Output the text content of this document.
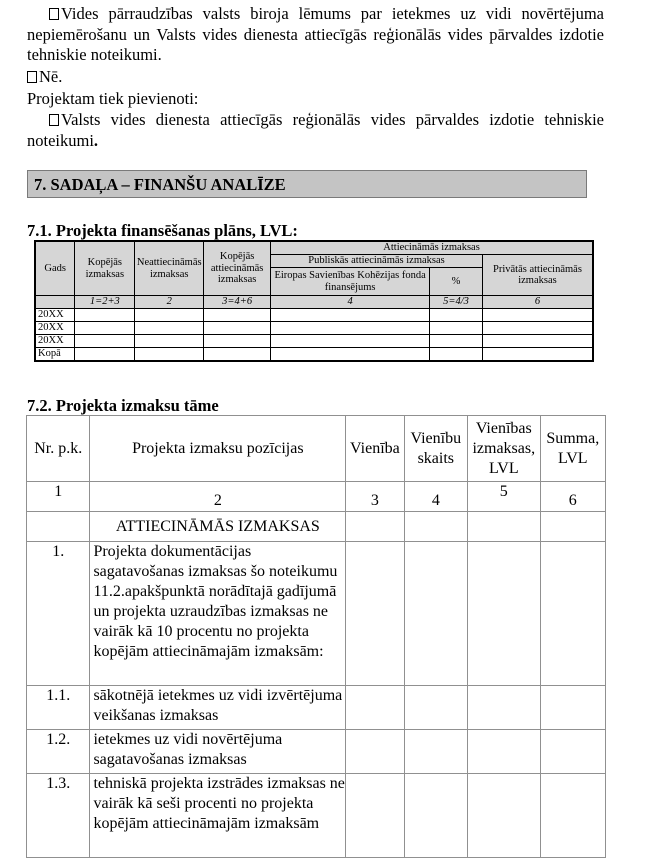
Vides pārraudzības valsts biroja lēmums par ietekmes uz vidi novērtējuma nepiemērošanu un Valsts vides dienesta attiecīgās reģionālās vides pārvaldes izdotie tehniskie noteikumi.
Nē.
Projektam tiek pievienoti:
Valsts vides dienesta attiecīgās reģionālās vides pārvaldes izdotie tehniskie noteikumi.
7. SADAĻA – FINANŠU ANALĪZE
7.1. Projekta finansēšanas plāns, LVL:
Gads	Kopējās izmaksas	Neattiecināmās izmaksas	Kopējās attiecināmās izmaksas	Attiecināmās izmaksas		
				Publiskās attiecināmās izmaksas		Privātās attiecināmās izmaksas
				Eiropas Savienības Kohēzijas fonda finansējums	%	
	1=2+3	2	3=4+6	4	5=4/3	6
20XX						
20XX						
20XX						
Kopā						
7.2. Projekta izmaksu tāme
Nr. p.k.	Projekta izmaksu pozīcijas	Vienība	Vienību skaits	Vienības izmaksas, LVL	Summa, LVL
1	2	3	4	5	6
	ATTIECINĀMĀS IZMAKSAS				
1.	Projekta dokumentācijas sagatavošanas izmaksas šo noteikumu 11.2.apakšpunktā norādītajā gadījumā un projekta uzraudzības izmaksas ne vairāk kā 10 procentu no projekta kopējām attiecināmajām izmaksām:				
1.1.	sākotnējā ietekmes uz vidi izvērtējuma veikšanas izmaksas				
1.2.	ietekmes uz vidi novērtējuma sagatavošanas izmaksas				
1.3.	tehniskā projekta izstrādes izmaksas ne vairāk kā seši procenti no projekta kopējām attiecināmajām izmaksām				
